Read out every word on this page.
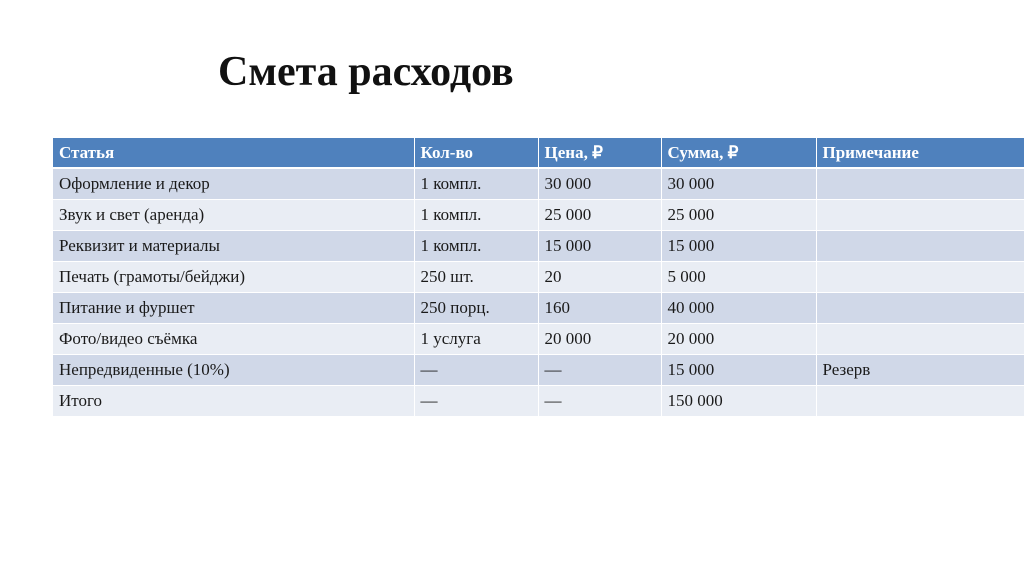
Смета расходов
Статья	Кол-во	Цена, ₽	Сумма, ₽	Примечание
Оформление и декор	1 компл.	30 000	30 000	
Звук и свет (аренда)	1 компл.	25 000	25 000	
Реквизит и материалы	1 компл.	15 000	15 000	
Печать (грамоты/бейджи)	250 шт.	20	5 000	
Питание и фуршет	250 порц.	160	40 000	
Фото/видео съёмка	1 услуга	20 000	20 000	
Непредвиденные (10%)	—	—	15 000	Резерв
Итого	—	—	150 000	
